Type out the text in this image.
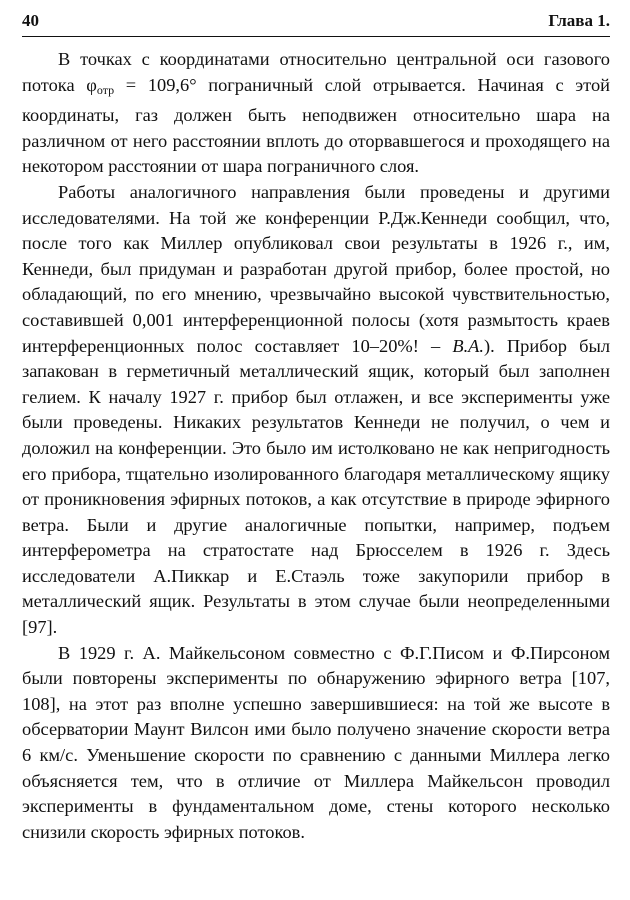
40	Глава 1.

В точках с координатами относительно центральной оси газового потока $\varphi_{отр} = 109,6^\circ$ пограничный слой отрывается. Начиная с этой координаты, газ должен быть неподвижен относительно шара на различном от него расстоянии вплоть до оторвавшегося и проходящего на некотором расстоянии от шара пограничного слоя.

Работы аналогичного направления были проведены и другими исследователями. На той же конференции Р.Дж.Кеннеди сообщил, что, после того как Миллер опубликовал свои результаты в 1926 г., им, Кеннеди, был придуман и разработан другой прибор, более простой, но обладающий, по его мнению, чрезвычайно высокой чувствительностью, составившей 0,001 интерференционной полосы (хотя размытость краев интерференционных полос составляет 10–20%! – В.А.). Прибор был запакован в герметичный металлический ящик, который был заполнен гелием. К началу 1927 г. прибор был отлажен, и все эксперименты уже были проведены. Никаких результатов Кеннеди не получил, о чем и доложил на конференции. Это было им истолковано не как непригодность его прибора, тщательно изолированного благодаря металлическому ящику от проникновения эфирных потоков, а как отсутствие в природе эфирного ветра. Были и другие аналогичные попытки, например, подъем интерферометра на стратостате над Брюсселем в 1926 г. Здесь исследователи А.Пиккар и Е.Стаэль тоже закупорили прибор в металлический ящик. Результаты в этом случае были неопределенными [97].

В 1929 г. А. Майкельсоном совместно с Ф.Г.Писом и Ф.Пирсоном были повторены эксперименты по обнаружению эфирного ветра [107, 108], на этот раз вполне успешно завершившиеся: на той же высоте в обсерватории Маунт Вилсон ими было получено значение скорости ветра 6 км/с. Уменьшение скорости по сравнению с данными Миллера легко объясняется тем, что в отличие от Миллера Майкельсон проводил эксперименты в фундаментальном доме, стены которого несколько снизили скорость эфирных потоков.
